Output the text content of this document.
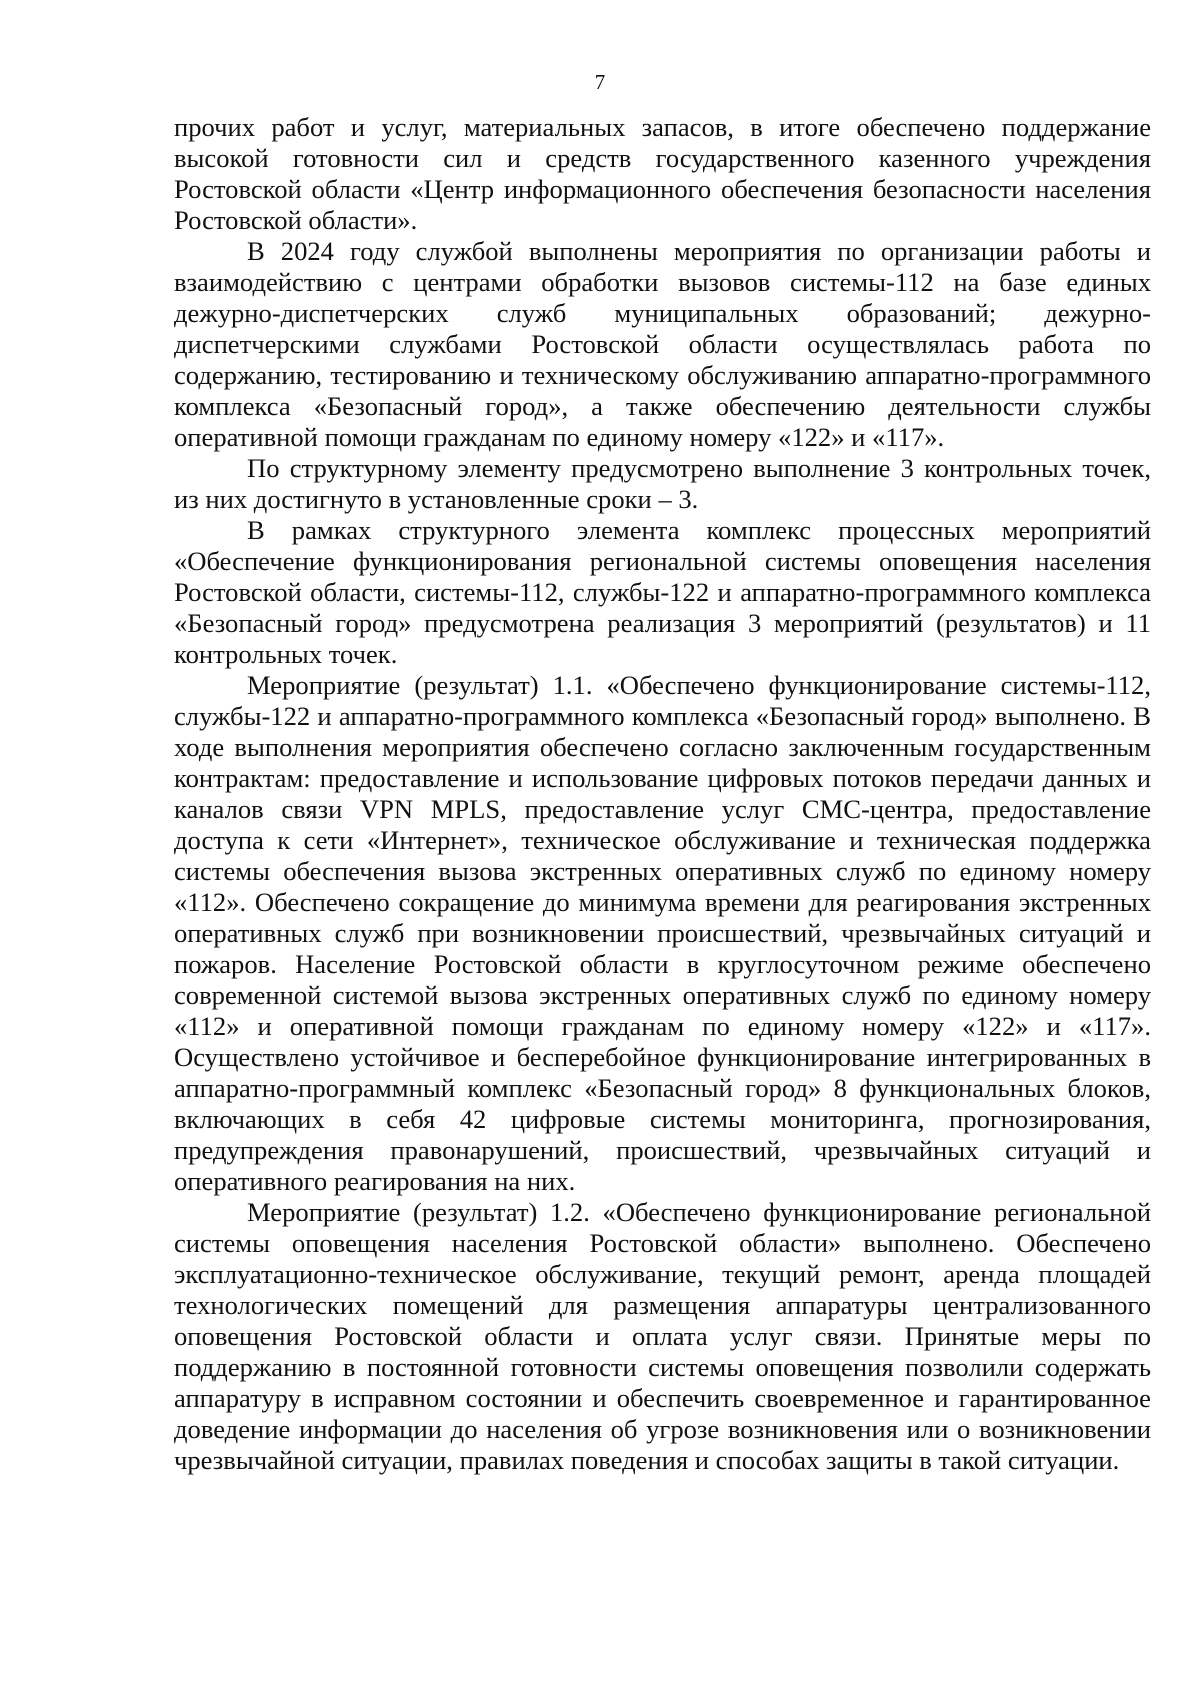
7

прочих работ и услуг, материальных запасов, в итоге обеспечено поддержание высокой готовности сил и средств государственного казенного учреждения Ростовской области «Центр информационного обеспечения безопасности населения Ростовской области».

В 2024 году службой выполнены мероприятия по организации работы и взаимодействию с центрами обработки вызовов системы-112 на базе единых дежурно-диспетчерских служб муниципальных образований; дежурно-диспетчерскими службами Ростовской области осуществлялась работа по содержанию, тестированию и техническому обслуживанию аппаратно-программного комплекса «Безопасный город», а также обеспечению деятельности службы оперативной помощи гражданам по единому номеру «122» и «117».

По структурному элементу предусмотрено выполнение 3 контрольных точек, из них достигнуто в установленные сроки – 3.

В рамках структурного элемента комплекс процессных мероприятий «Обеспечение функционирования региональной системы оповещения населения Ростовской области, системы-112, службы-122 и аппаратно-программного комплекса «Безопасный город» предусмотрена реализация 3 мероприятий (результатов) и 11 контрольных точек.

Мероприятие (результат) 1.1. «Обеспечено функционирование системы-112, службы-122 и аппаратно-программного комплекса «Безопасный город» выполнено. В ходе выполнения мероприятия обеспечено согласно заключенным государственным контрактам: предоставление и использование цифровых потоков передачи данных и каналов связи VPN MPLS, предоставление услуг СМС-центра, предоставление доступа к сети «Интернет», техническое обслуживание и техническая поддержка системы обеспечения вызова экстренных оперативных служб по единому номеру «112». Обеспечено сокращение до минимума времени для реагирования экстренных оперативных служб при возникновении происшествий, чрезвычайных ситуаций и пожаров. Население Ростовской области в круглосуточном режиме обеспечено современной системой вызова экстренных оперативных служб по единому номеру «112» и оперативной помощи гражданам по единому номеру «122» и «117». Осуществлено устойчивое и бесперебойное функционирование интегрированных в аппаратно-программный комплекс «Безопасный город» 8 функциональных блоков, включающих в себя 42 цифровые системы мониторинга, прогнозирования, предупреждения правонарушений, происшествий, чрезвычайных ситуаций и оперативного реагирования на них.

Мероприятие (результат) 1.2. «Обеспечено функционирование региональной системы оповещения населения Ростовской области» выполнено. Обеспечено эксплуатационно-техническое обслуживание, текущий ремонт, аренда площадей технологических помещений для размещения аппаратуры централизованного оповещения Ростовской области и оплата услуг связи. Принятые меры по поддержанию в постоянной готовности системы оповещения позволили содержать аппаратуру в исправном состоянии и обеспечить своевременное и гарантированное доведение информации до населения об угрозе возникновения или о возникновении чрезвычайной ситуации, правилах поведения и способах защиты в такой ситуации.
